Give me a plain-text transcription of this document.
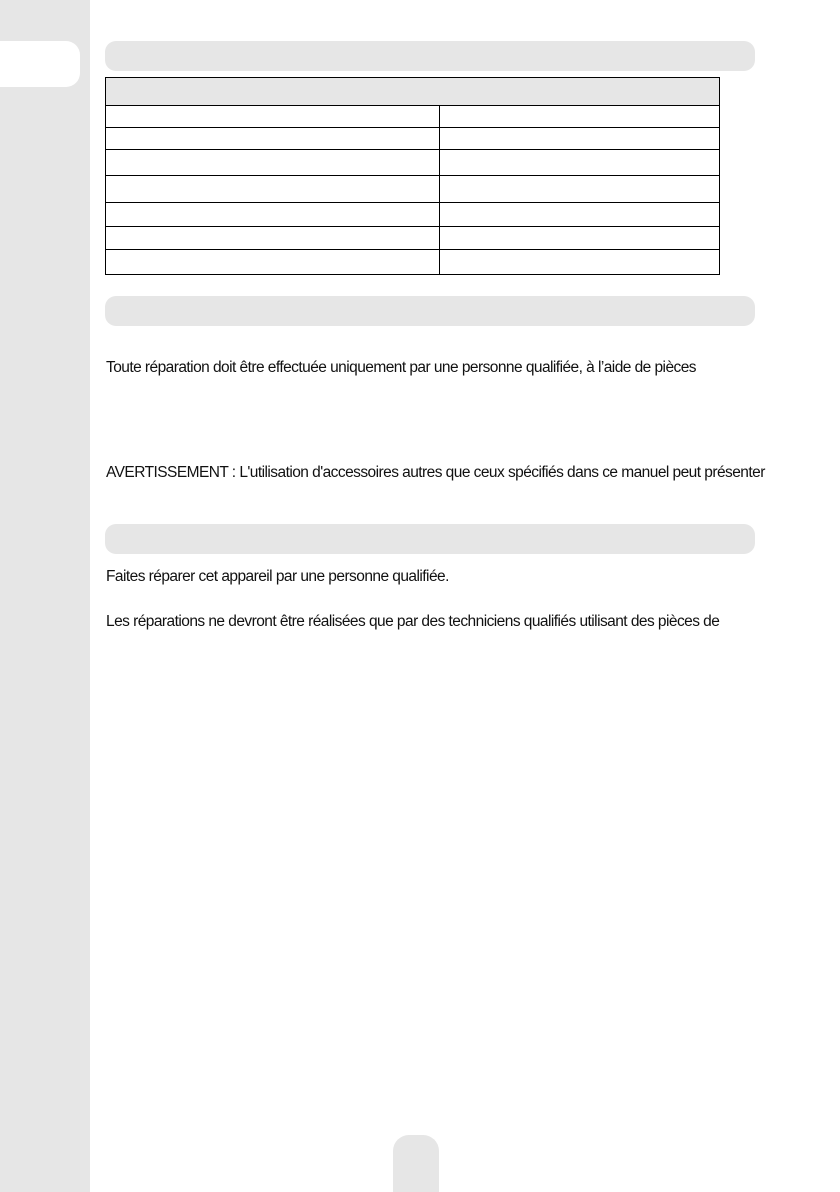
Toute réparation doit être effectuée uniquement par une personne qualifiée, à l’aide de pièces

AVERTISSEMENT : L'utilisation d'accessoires autres que ceux spécifiés dans ce manuel peut présenter

Faites réparer cet appareil par une personne qualifiée.

Les réparations ne devront être réalisées que par des techniciens qualifiés utilisant des pièces de
